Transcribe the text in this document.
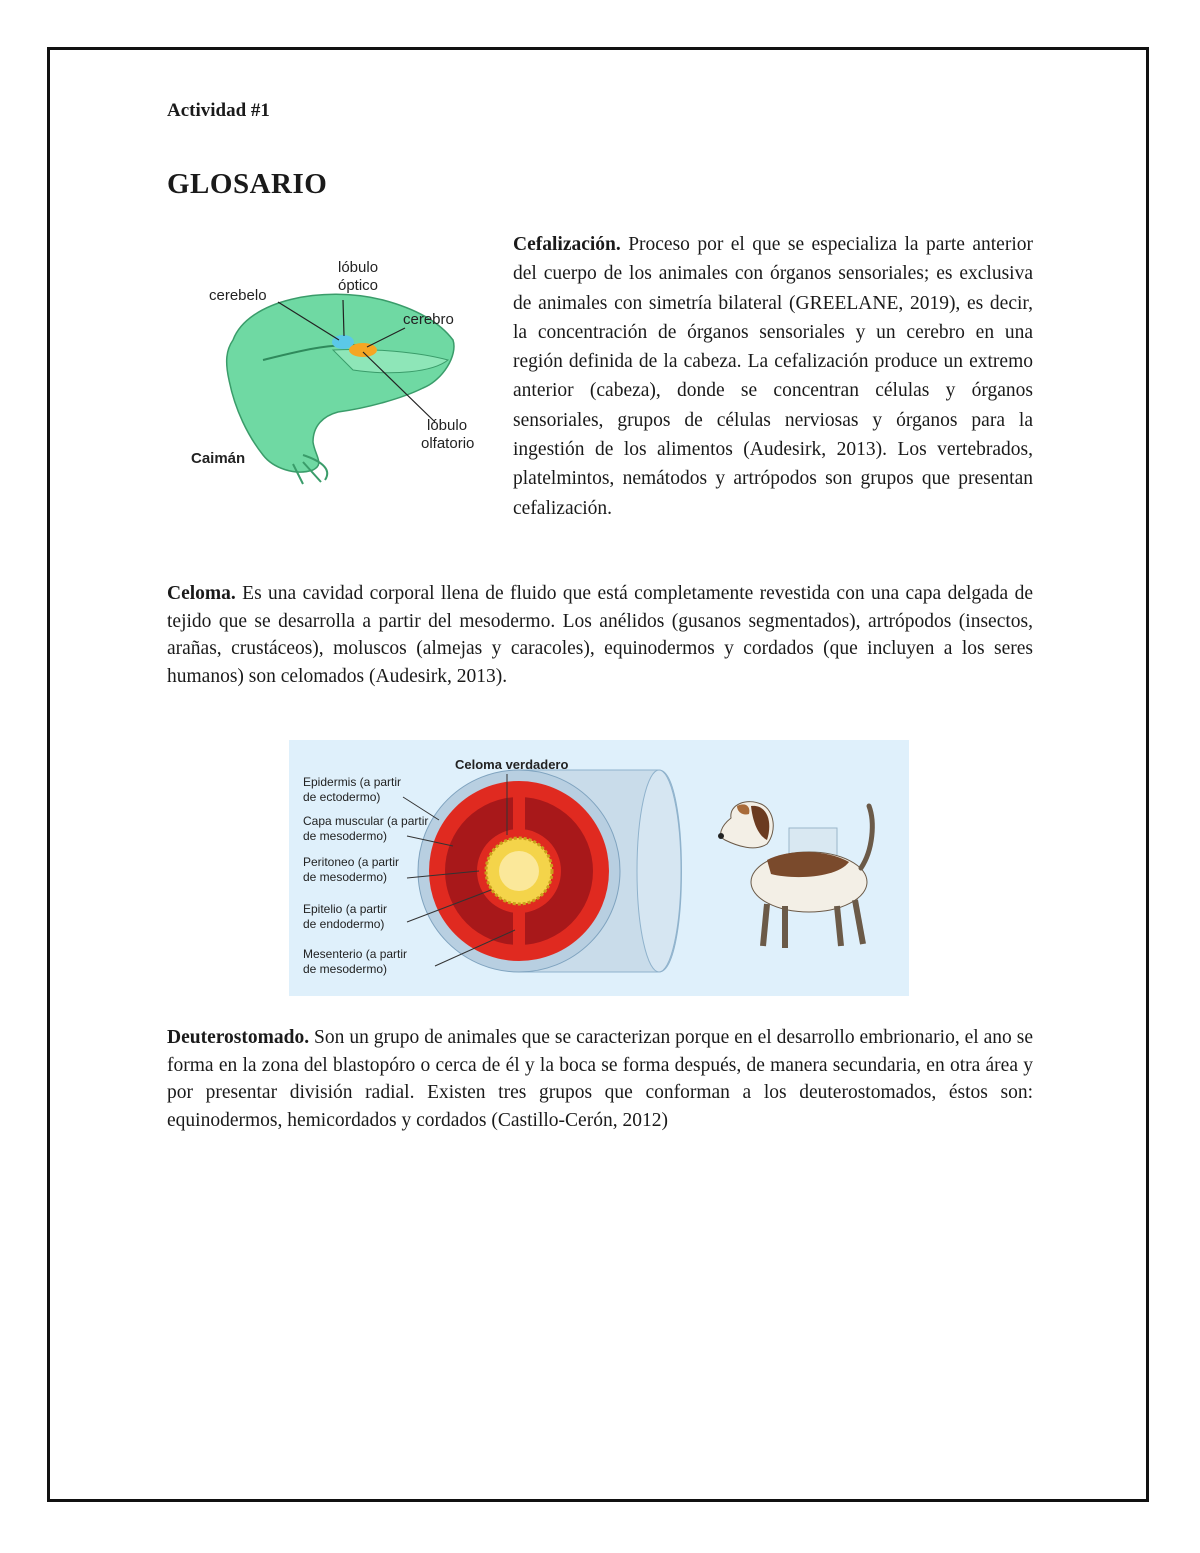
Actividad #1

GLOSARIO

cerebelo
lóbulo
óptico
cerebro
lóbulo
olfatorio
Caimán
Cefalización. Proceso por el que se especializa la parte anterior del cuerpo de los animales con órganos sensoriales; es exclusiva de animales con simetría bilateral (GREELANE, 2019), es decir, la concentración de órganos sensoriales y un cerebro en una región definida de la cabeza. La cefalización produce un extremo anterior (cabeza), donde se concentran células y órganos sensoriales, grupos de células nerviosas y órganos para la ingestión de los alimentos (Audesirk, 2013). Los vertebrados, platelmintos, nemátodos y artrópodos son grupos que presentan cefalización.

Celoma. Es una cavidad corporal llena de fluido que está completamente revestida con una capa delgada de tejido que se desarrolla a partir del mesodermo. Los anélidos (gusanos segmentados), artrópodos (insectos, arañas, crustáceos), moluscos (almejas y caracoles), equinodermos y cordados (que incluyen a los seres humanos) son celomados (Audesirk, 2013).

Celoma verdadero
Epidermis (a partir
de ectodermo)
Capa muscular (a partir
de mesodermo)
Peritoneo (a partir
de mesodermo)
Epitelio (a partir
de endodermo)
Mesenterio (a partir
de mesodermo)

Deuterostomado. Son un grupo de animales que se caracterizan porque en el desarrollo embrionario, el ano se forma en la zona del blastopóro o cerca de él y la boca se forma después, de manera secundaria, en otra área y por presentar división radial. Existen tres grupos que conforman a los deuterostomados, éstos son: equinodermos, hemicordados y cordados (Castillo-Cerón, 2012)
